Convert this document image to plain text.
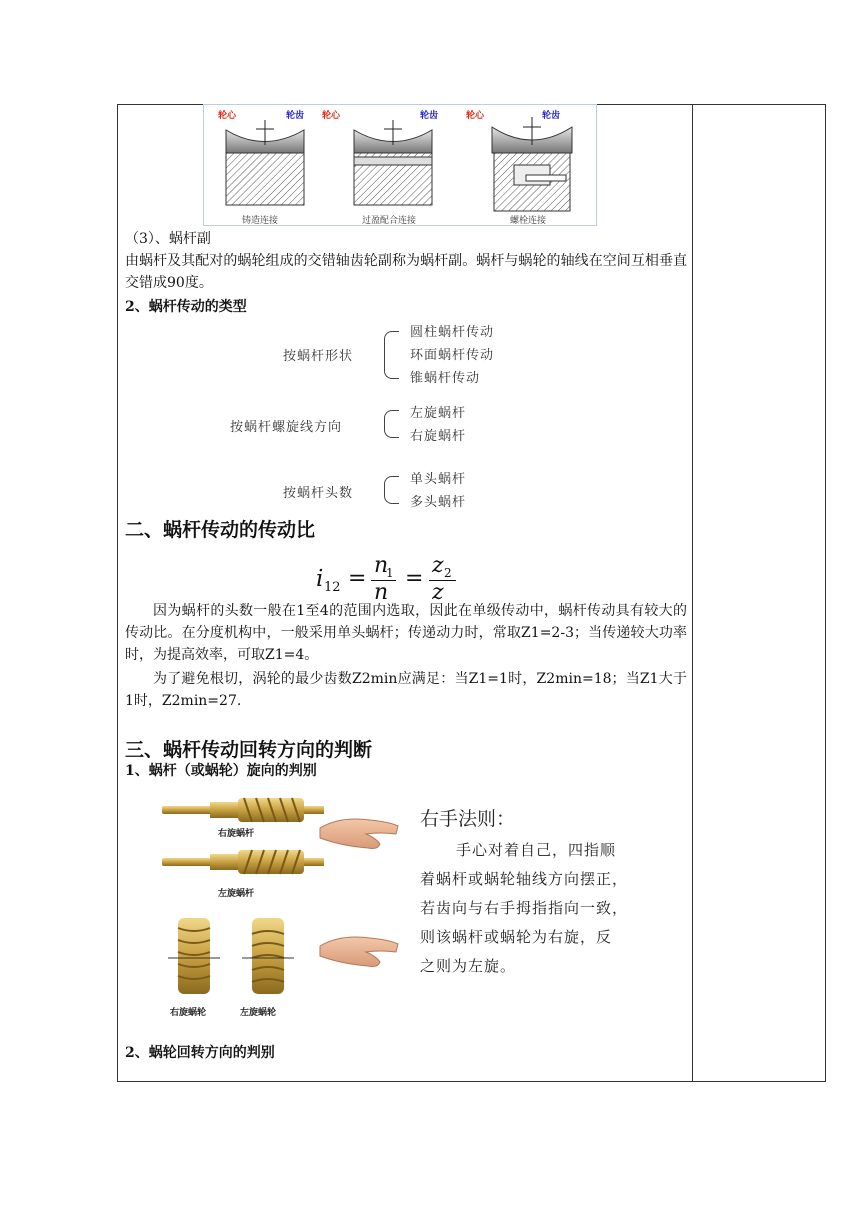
轮心	轮齿 轮心	轮齿	轮心	轮齿
铸造连接	过盈配合连接	螺栓连接
（3）、蜗杆副
由蜗杆及其配对的蜗轮组成的交错轴齿轮副称为蜗杆副。蜗杆与蜗轮的轴线在空间互相垂直交错成90度。
2、蜗杆传动的类型
按蜗杆形状
圆柱蜗杆传动
环面蜗杆传动
锥蜗杆传动
按蜗杆螺旋线方向
左旋蜗杆
右旋蜗杆
按蜗杆头数
单头蜗杆
多头蜗杆
二、蜗杆传动的传动比
i 12 =
n
1
n
=
z 2
z
因为蜗杆的头数一般在1至4的范围内选取，因此在单级传动中，蜗杆传动具有较大的传动比。在分度机构中，一般采用单头蜗杆；传递动力时，常取Z1=2-3；当传递较大功率时，为提高效率，可取Z1=4。
为了避免根切，涡轮的最少齿数Z2min应满足：当Z1=1时，Z2min=18；当Z1大于1时，Z2min=27.
三、蜗杆传动回转方向的判断
1、蜗杆（或蜗轮）旋向的判别
右旋蜗杆
左旋蜗杆
右旋蜗轮	左旋蜗轮
右手法则：
手心对着自己，四指顺
着蜗杆或蜗轮轴线方向摆正，
若齿向与右手拇指指向一致，
则该蜗杆或蜗轮为右旋，反
之则为左旋。
2、蜗轮回转方向的判别
